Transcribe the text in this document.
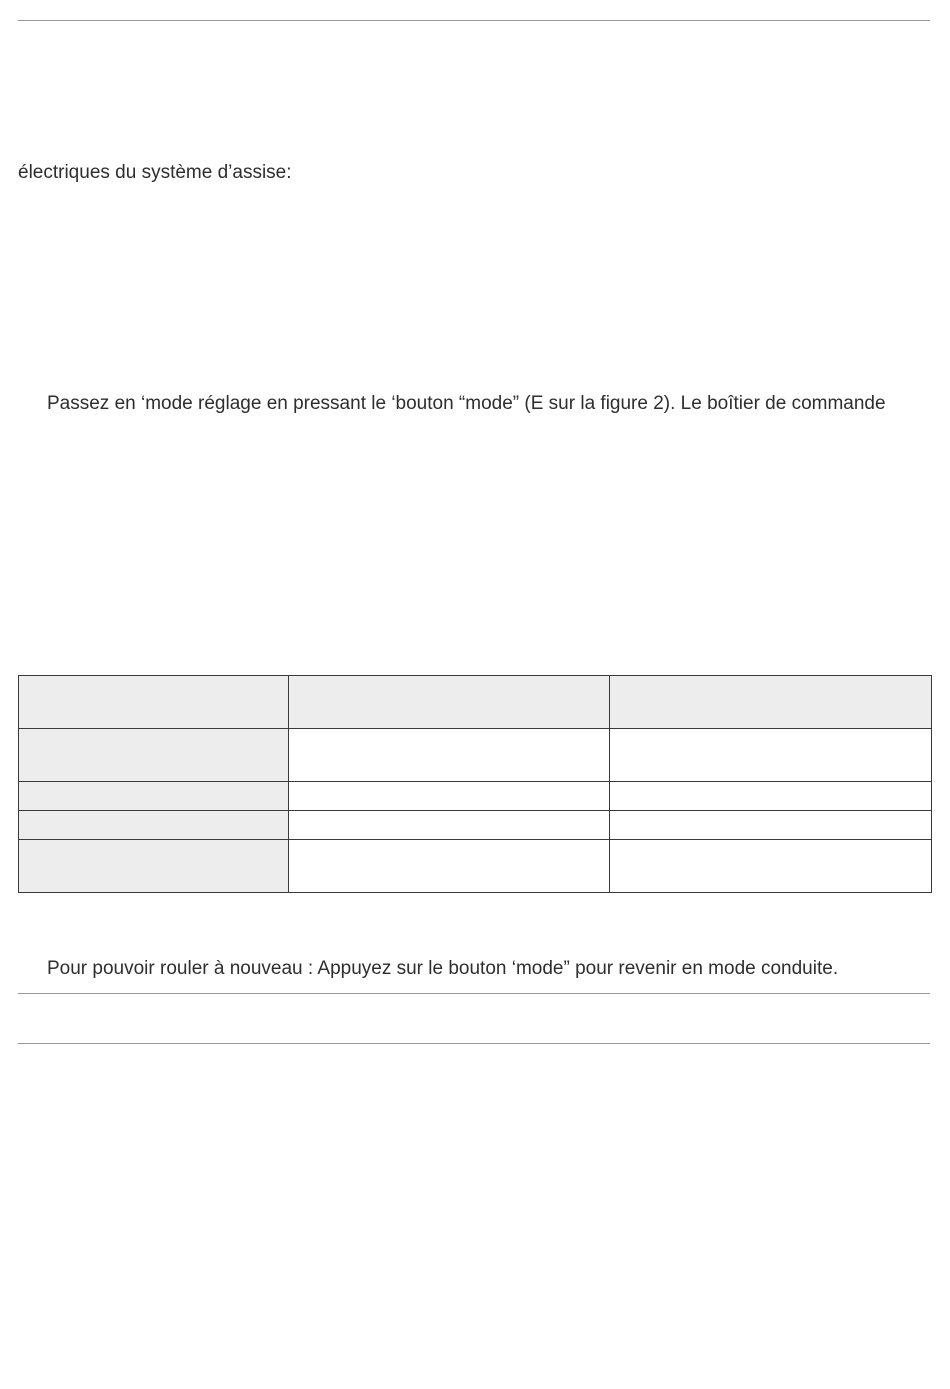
électriques du système d’assise:
Passez en ‘mode réglage en pressant le ‘bouton “mode” (E sur la figure 2). Le boîtier de commande

Pour pouvoir rouler à nouveau : Appuyez sur le bouton ‘mode” pour revenir en mode conduite.
